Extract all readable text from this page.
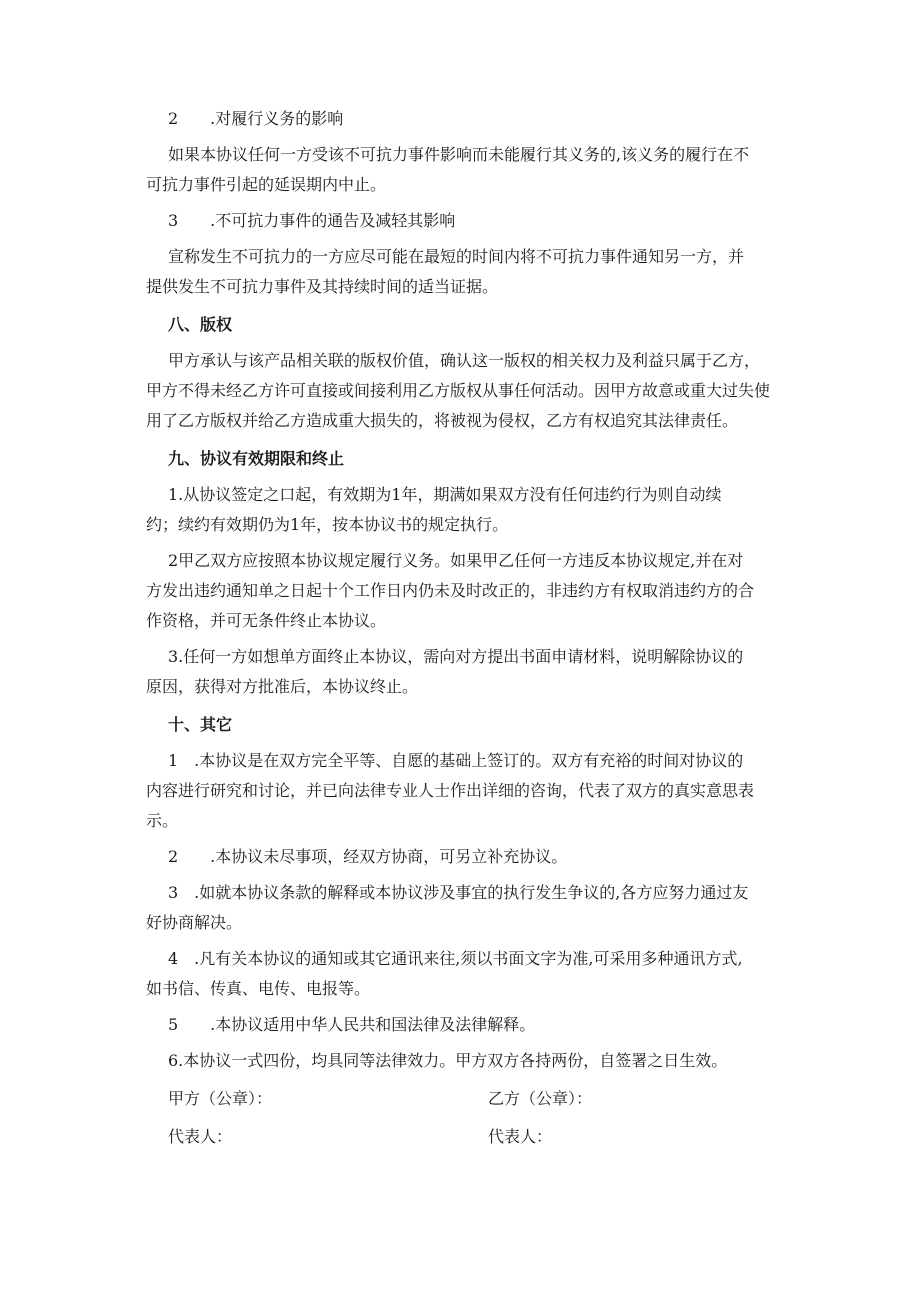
2　　.对履行义务的影响

如果本协议任何一方受该不可抗力事件影响而未能履行其义务的,该义务的履行在不

可抗力事件引起的延误期内中止。

3　　.不可抗力事件的通告及减轻其影响

宣称发生不可抗力的一方应尽可能在最短的时间内将不可抗力事件通知另一方，并

提供发生不可抗力事件及其持续时间的适当证据。

八、版权

甲方承认与该产品相关联的版权价值，确认这一版权的相关权力及利益只属于乙方，

甲方不得未经乙方许可直接或间接利用乙方版权从事任何活动。因甲方故意或重大过失使

用了乙方版权并给乙方造成重大损失的，将被视为侵权，乙方有权追究其法律责任。

九、协议有效期限和终止

1.从协议签定之口起，有效期为1年，期满如果双方没有任何违约行为则自动续

约；续约有效期仍为1年，按本协议书的规定执行。

2甲乙双方应按照本协议规定履行义务。如果甲乙任何一方违反本协议规定,并在对

方发出违约通知单之日起十个工作日内仍未及时改正的，非违约方有权取消违约方的合

作资格，并可无条件终止本协议。

3.任何一方如想单方面终止本协议，需向对方提出书面申请材料，说明解除协议的

原因，获得对方批准后，本协议终止。

十、其它

1　.本协议是在双方完全平等、自愿的基础上签订的。双方有充裕的时间对协议的

内容进行研究和讨论，并已向法律专业人士作出详细的咨询，代表了双方的真实意思表

示。

2　　.本协议未尽事项，经双方协商，可另立补充协议。

3　.如就本协议条款的解释或本协议涉及事宜的执行发生争议的,各方应努力通过友

好协商解决。

4　.凡有关本协议的通知或其它通讯来往,须以书面文字为准,可采用多种通讯方式,

如书信、传真、电传、电报等。

5　　.本协议适用中华人民共和国法律及法律解释。

6.本协议一式四份，均具同等法律效力。甲方双方各持两份，自签署之日生效。

甲方（公章）：	乙方（公章）：

代表人：	代表人：
